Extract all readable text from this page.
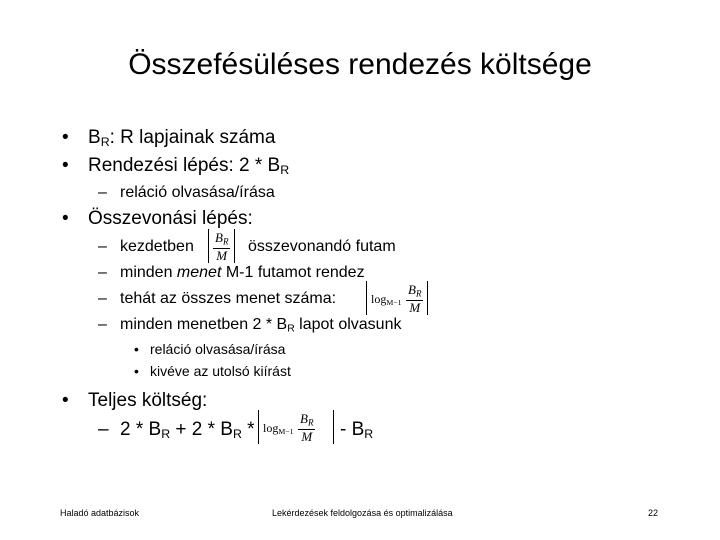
Összefésüléses rendezés költsége
• $B_R$: R lapjainak száma
• Rendezési lépés: $2 * B_R$
– reláció olvasása/írása
• Összevonási lépés:
– kezdetben $\frac{B_R}{M}$ összevonandó futam
– minden menet M-1 futamot rendez
– tehát az összes menet száma:	$\log_{M-1} \frac{B_R}{M}$
– minden menetben $2 * B_R$ lapot olvasunk
• reláció olvasása/írása
• kivéve az utolsó kiírást
• Teljes költség:
– $2 * B_R + 2 * B_R * \log_{M-1} \frac{B_R}{M} - B_R$
Haladó adatbázisok	Lekérdezések feldolgozása és optimalizálása	22
